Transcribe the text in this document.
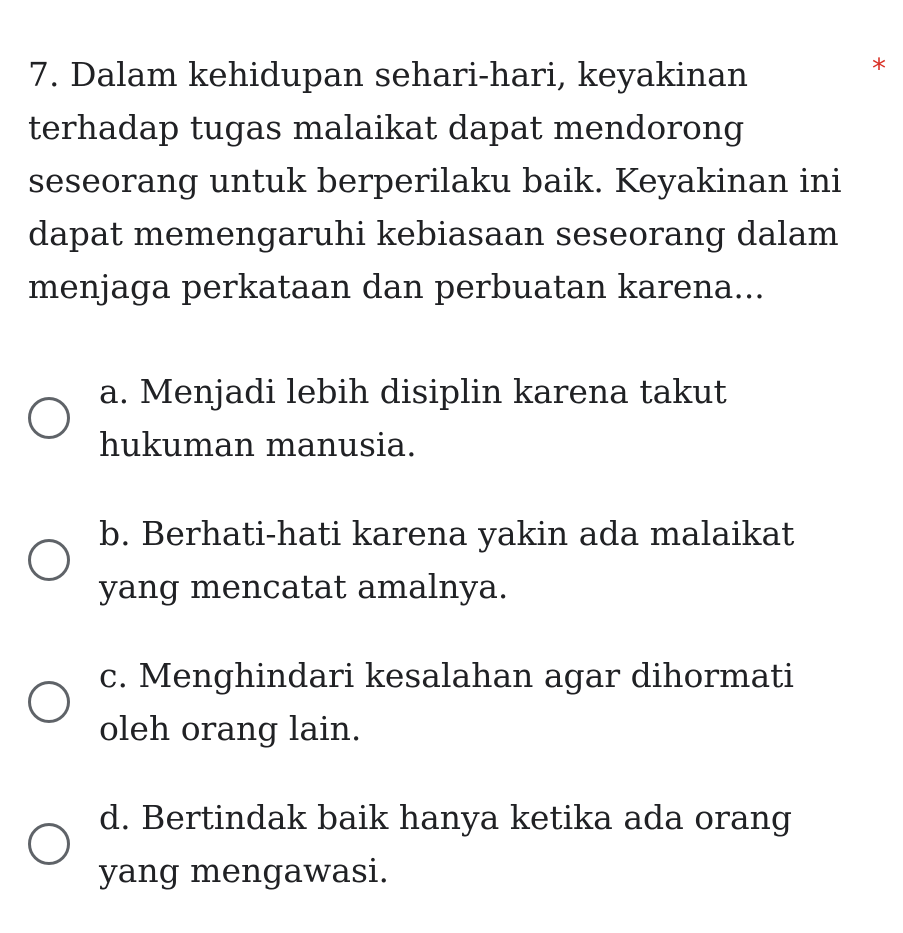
7. Dalam kehidupan sehari-hari, keyakinan terhadap tugas malaikat dapat mendorong seseorang untuk berperilaku baik. Keyakinan ini dapat memengaruhi kebiasaan seseorang dalam menjaga perkataan dan perbuatan karena...

*
a. Menjadi lebih disiplin karena takut hukuman manusia.
b. Berhati-hati karena yakin ada malaikat yang mencatat amalnya.
c. Menghindari kesalahan agar dihormati oleh orang lain.
d. Bertindak baik hanya ketika ada orang yang mengawasi.
